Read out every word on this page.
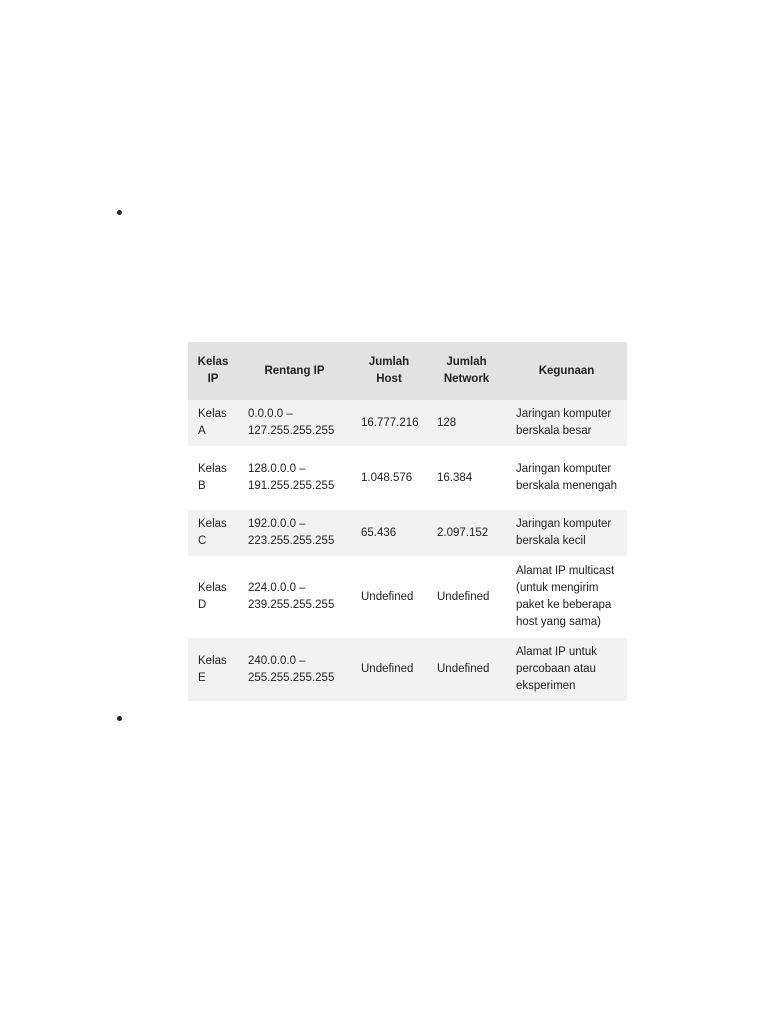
Kelas IP	Rentang IP	Jumlah Host	Jumlah Network	Kegunaan
Kelas A	0.0.0.0 – 127.255.255.255	16.777.216	128	Jaringan komputer berskala besar
Kelas B	128.0.0.0 – 191.255.255.255	1.048.576	16.384	Jaringan komputer berskala menengah
Kelas C	192.0.0.0 – 223.255.255.255	65.436	2.097.152	Jaringan komputer berskala kecil
Kelas D	224.0.0.0 – 239.255.255.255	Undefined	Undefined	Alamat IP multicast (untuk mengirim paket ke beberapa host yang sama)
Kelas E	240.0.0.0 – 255.255.255.255	Undefined	Undefined	Alamat IP untuk percobaan atau eksperimen
